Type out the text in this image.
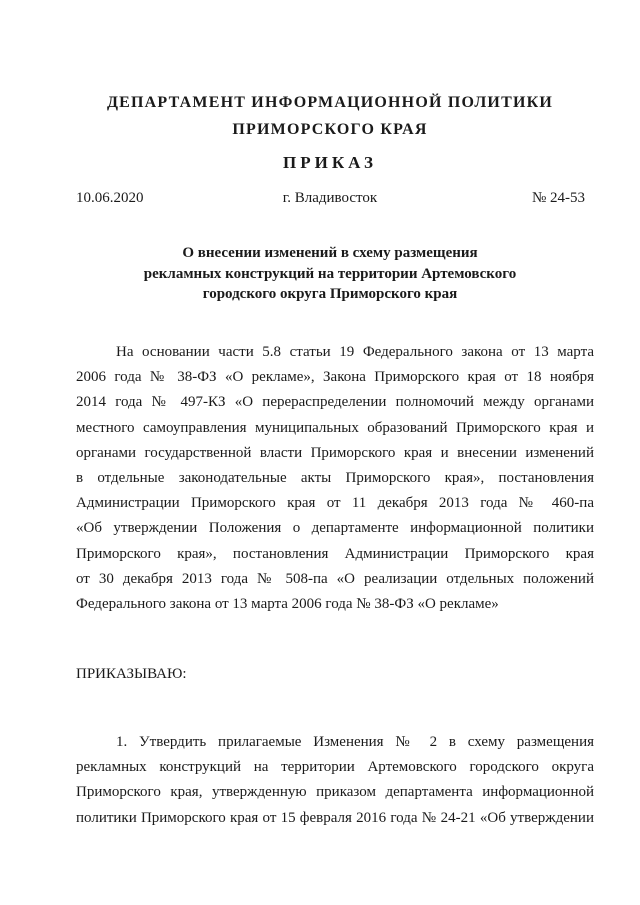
ДЕПАРТАМЕНТ ИНФОРМАЦИОННОЙ ПОЛИТИКИ
ПРИМОРСКОГО КРАЯ
ПРИКАЗ
10.06.2020	г. Владивосток	№ 24-53
О внесении изменений в схему размещения
рекламных конструкций на территории Артемовского
городского округа Приморского края
На основании части 5.8 статьи 19 Федерального закона от 13 марта
2006 года № 38-ФЗ «О рекламе», Закона Приморского края от 18 ноября
2014 года № 497-КЗ «О перераспределении полномочий между органами
местного самоуправления муниципальных образований Приморского края и
органами государственной власти Приморского края и внесении изменений
в отдельные законодательные акты Приморского края», постановления
Администрации Приморского края от 11 декабря 2013 года № 460-па
«Об утверждении Положения о департаменте информационной политики
Приморского края», постановления Администрации Приморского края
от 30 декабря 2013 года № 508-па «О реализации отдельных положений
Федерального закона от 13 марта 2006 года № 38-ФЗ «О рекламе»
ПРИКАЗЫВАЮ:
1. Утвердить прилагаемые Изменения № 2 в схему размещения
рекламных конструкций на территории Артемовского городского округа
Приморского края, утвержденную приказом департамента информационной
политики Приморского края от 15 февраля 2016 года № 24-21 «Об утверждении
